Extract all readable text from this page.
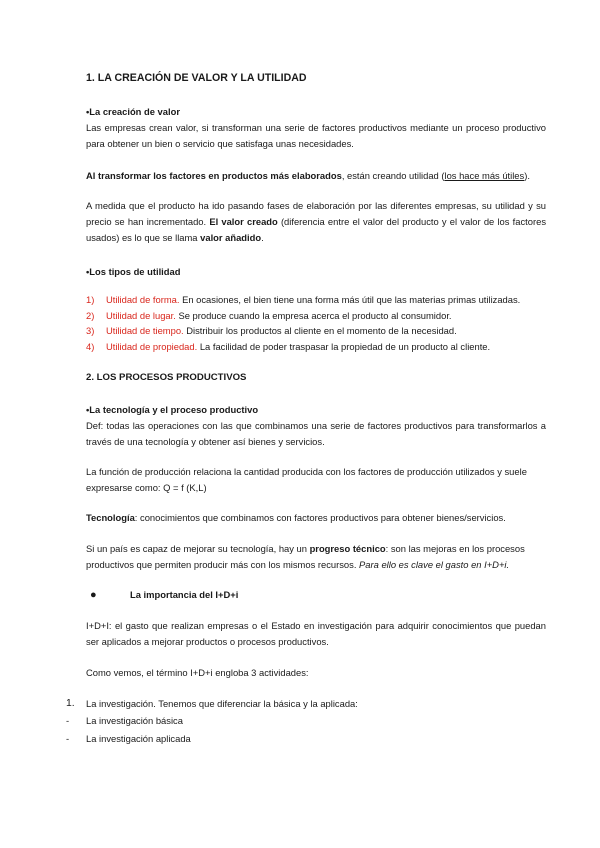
1. LA CREACIÓN DE VALOR Y LA UTILIDAD
• La creación de valor
Las empresas crean valor, si transforman una serie de factores productivos mediante un proceso productivo para obtener un bien o servicio que satisfaga unas necesidades.
Al transformar los factores en productos más elaborados, están creando utilidad (los hace más útiles).
A medida que el producto ha ido pasando fases de elaboración por las diferentes empresas, su utilidad y su precio se han incrementado. El valor creado (diferencia entre el valor del producto y el valor de los factores usados) es lo que se llama valor añadido.
• Los tipos de utilidad
1)	Utilidad de forma. En ocasiones, el bien tiene una forma más útil que las materias primas utilizadas.
2)	Utilidad de lugar. Se produce cuando la empresa acerca el producto al consumidor.
3)	Utilidad de tiempo. Distribuir los productos al cliente en el momento de la necesidad.
4)	Utilidad de propiedad. La facilidad de poder traspasar la propiedad de un producto al cliente.
2. LOS PROCESOS PRODUCTIVOS
• La tecnología y el proceso productivo
Def: todas las operaciones con las que combinamos una serie de factores productivos para transformarlos a través de una tecnología y obtener así bienes y servicios.
La función de producción relaciona la cantidad producida con los factores de producción utilizados y suele expresarse como: Q = f (K,L)
Tecnología: conocimientos que combinamos con factores productivos para obtener bienes/servicios.
Si un país es capaz de mejorar su tecnología, hay un progreso técnico: son las mejoras en los procesos productivos que permiten producir más con los mismos recursos. Para ello es clave el gasto en I+D+i.
●	La importancia del I+D+i
I+D+I: el gasto que realizan empresas o el Estado en investigación para adquirir conocimientos que puedan ser aplicados a mejorar productos o procesos productivos.
Como vemos, el término I+D+i engloba 3 actividades:
1. La investigación. Tenemos que diferenciar la básica y la aplicada:
- La investigación básica
- La investigación aplicada
